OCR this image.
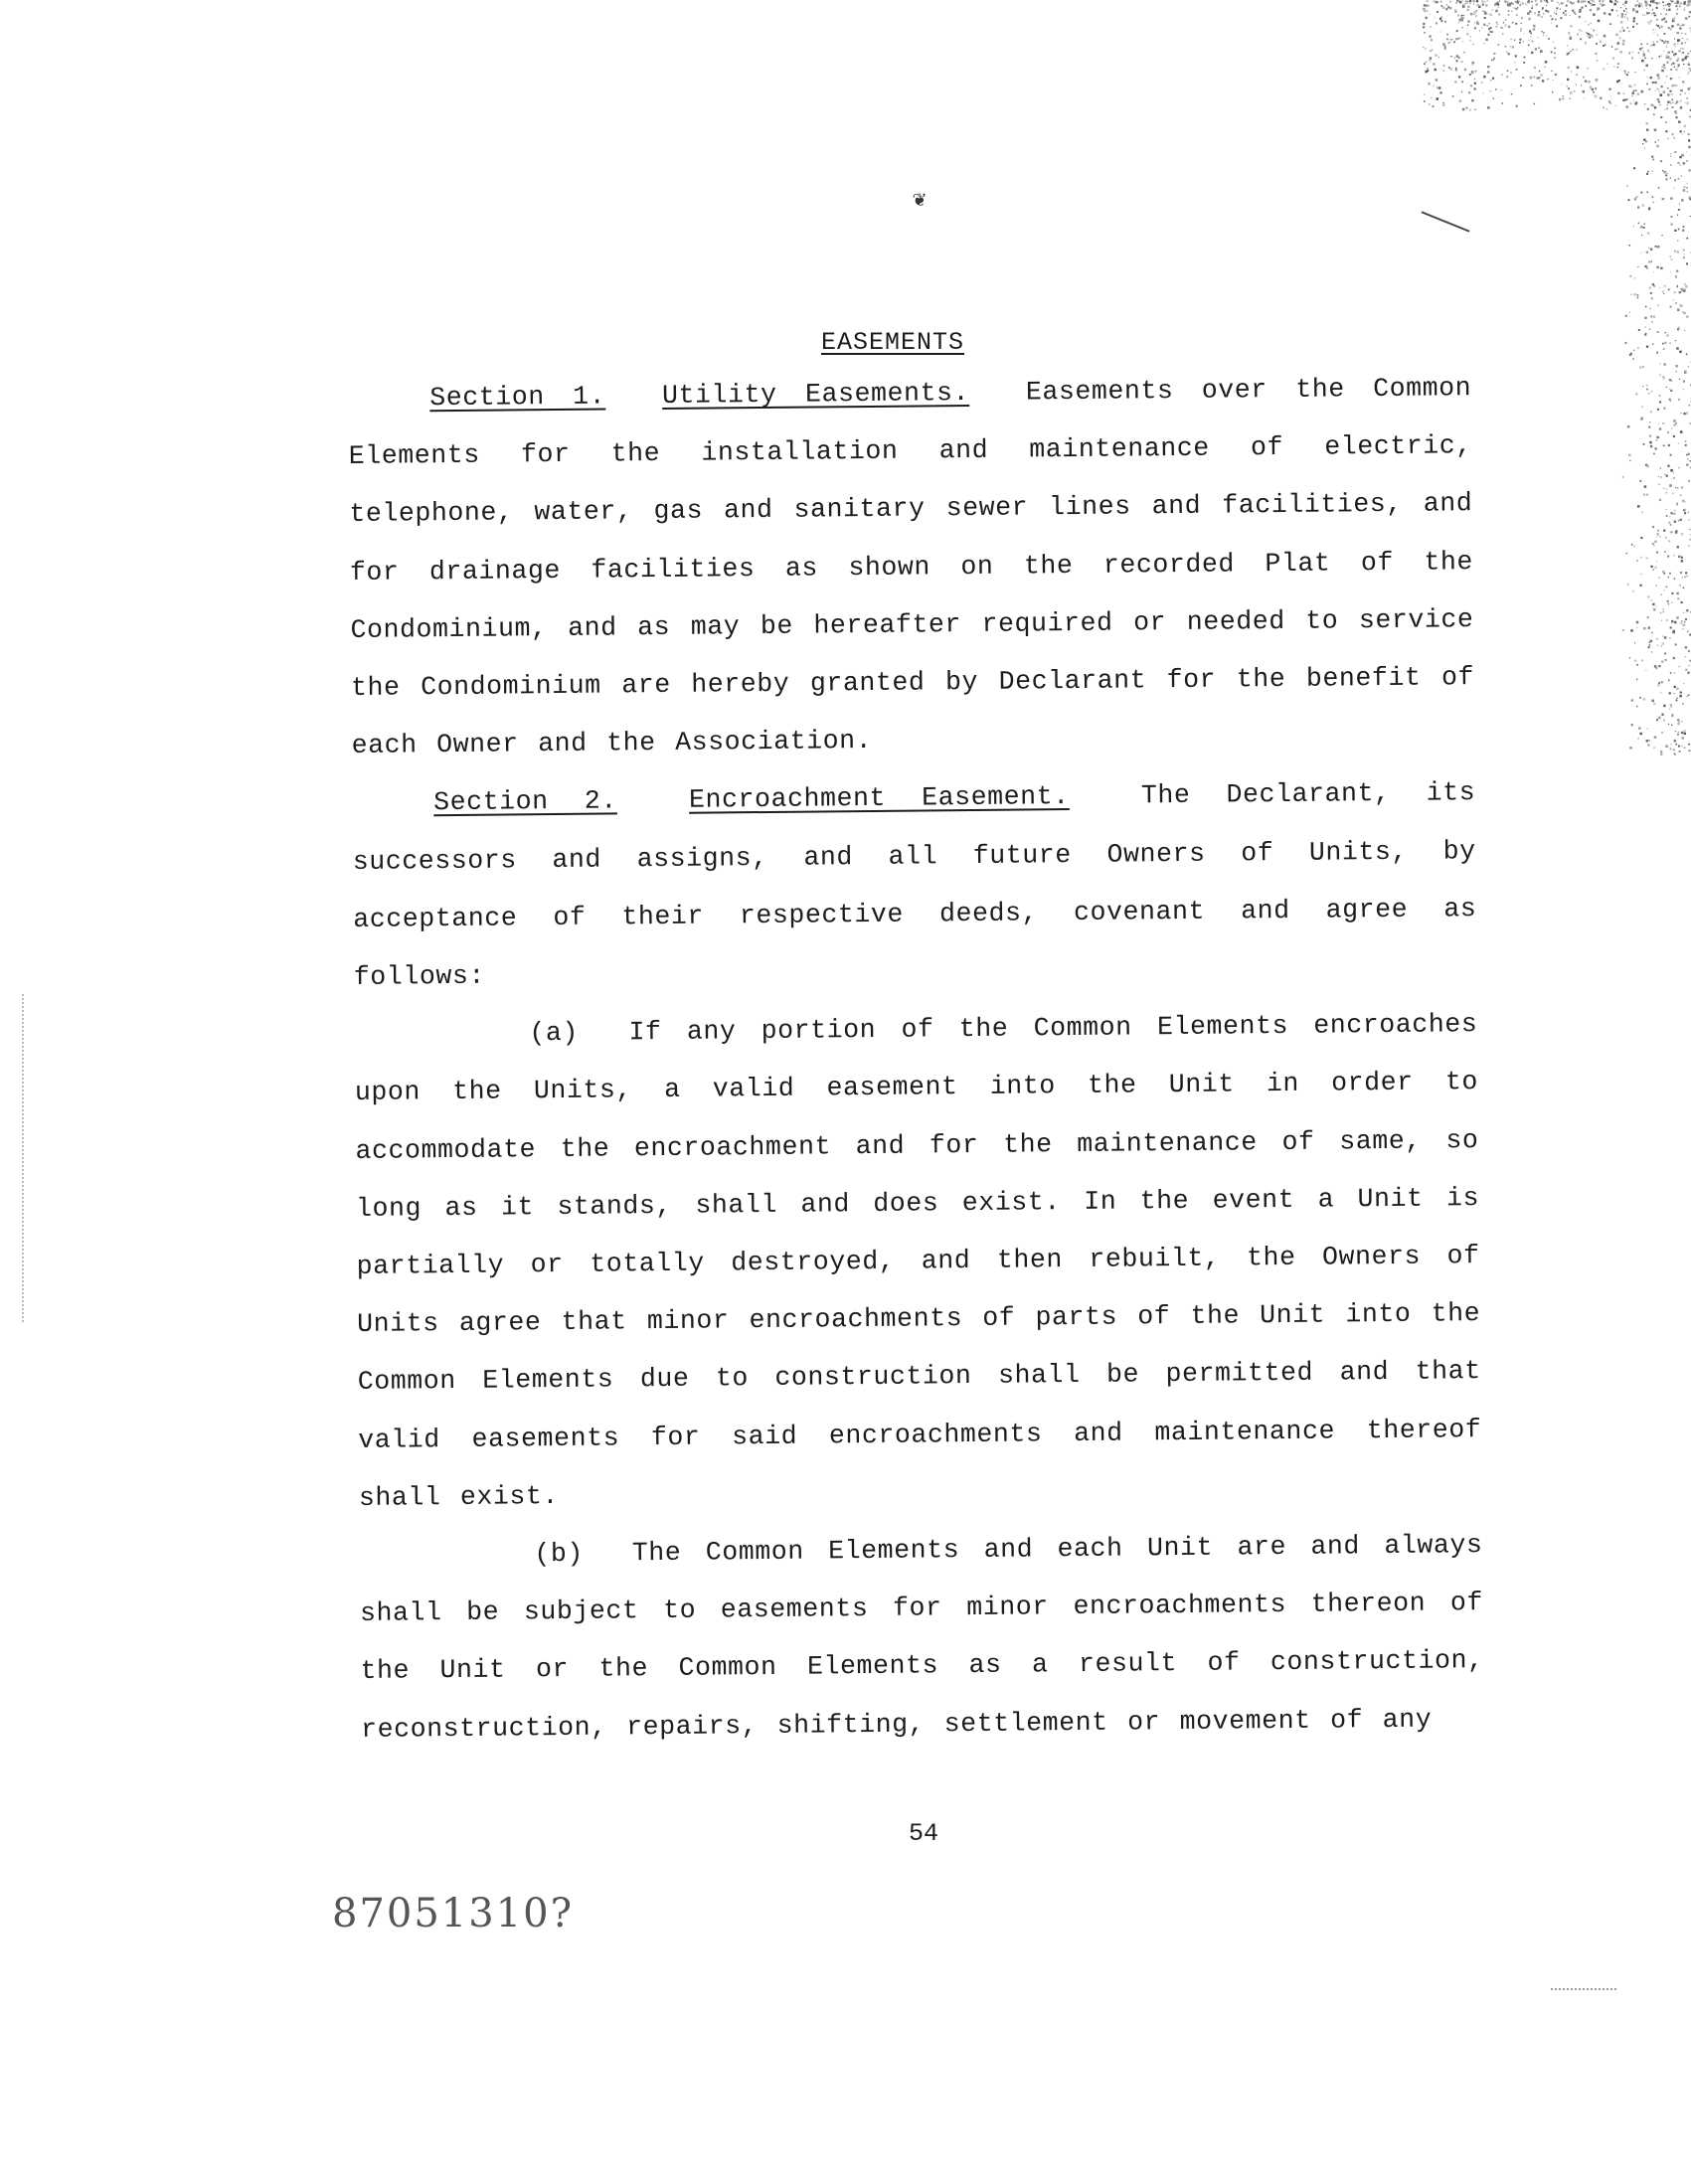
❦
EASEMENTS

Section 1. Utility Easements. Easements over the Common Elements for the installation and maintenance of electric, telephone, water, gas and sanitary sewer lines and facilities, and for drainage facilities as shown on the recorded Plat of the Condominium, and as may be hereafter required or needed to service the Condominium are hereby granted by Declarant for the benefit of each Owner and the Association.

Section 2.	Encroachment Easement.	The Declarant, its successors and assigns, and all future Owners of Units, by acceptance of their respective deeds, covenant and agree as follows:

(a) If any portion of the Common Elements encroaches upon the Units, a valid easement into the Unit in order to accommodate the encroachment and for the maintenance of same, so long as it stands, shall and does exist. In the event a Unit is partially or totally destroyed, and then rebuilt, the Owners of Units agree that minor encroachments of parts of the Unit into the Common Elements due to construction shall be permitted and that valid easements for said encroachments and maintenance thereof shall exist.

(b) The Common Elements and each Unit are and always shall be subject to easements for minor encroachments thereon of the Unit or the Common Elements as a result of construction, reconstruction, repairs, shifting, settlement or movement of any

54
87051310?
